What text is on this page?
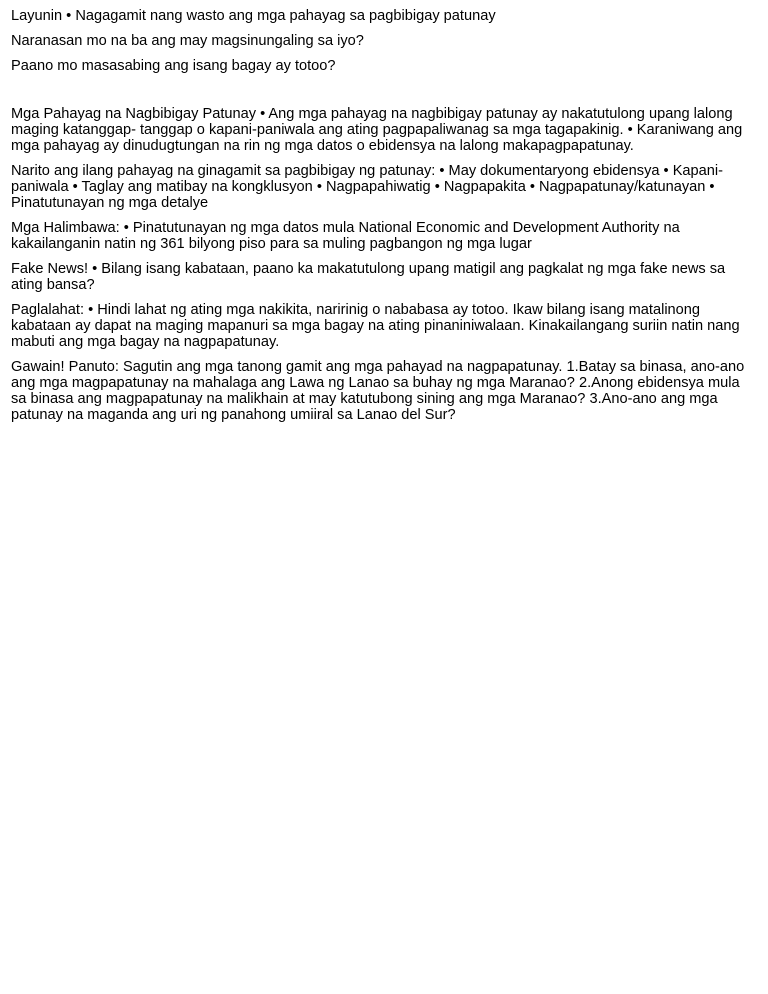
Layunin • Nagagamit nang wasto ang mga pahayag sa pagbibigay patunay

Naranasan mo na ba ang may magsinungaling sa iyo?

Paano mo masasabing ang isang bagay ay totoo?

Mga Pahayag na Nagbibigay Patunay • Ang mga pahayag na nagbibigay patunay ay nakatutulong upang lalong maging katanggap- tanggap o kapani-paniwala ang ating pagpapaliwanag sa mga tagapakinig. • Karaniwang ang mga pahayag ay dinudugtungan na rin ng mga datos o ebidensya na lalong makapagpapatunay.

Narito ang ilang pahayag na ginagamit sa pagbibigay ng patunay: • May dokumentaryong ebidensya • Kapani-paniwala • Taglay ang matibay na kongklusyon • Nagpapahiwatig • Nagpapakita • Nagpapatunay/katunayan • Pinatutunayan ng mga detalye

Mga Halimbawa: • Pinatutunayan ng mga datos mula National Economic and Development Authority na kakailanganin natin ng 361 bilyong piso para sa muling pagbangon ng mga lugar

Fake News! • Bilang isang kabataan, paano ka makatutulong upang matigil ang pagkalat ng mga fake news sa ating bansa?

Paglalahat: • Hindi lahat ng ating mga nakikita, naririnig o nababasa ay totoo. Ikaw bilang isang matalinong kabataan ay dapat na maging mapanuri sa mga bagay na ating pinaniniwalaan. Kinakailangang suriin natin nang mabuti ang mga bagay na nagpapatunay.

Gawain! Panuto: Sagutin ang mga tanong gamit ang mga pahayad na nagpapatunay. 1.Batay sa binasa, ano-ano ang mga magpapatunay na mahalaga ang Lawa ng Lanao sa buhay ng mga Maranao? 2.Anong ebidensya mula sa binasa ang magpapatunay na malikhain at may katutubong sining ang mga Maranao? 3.Ano-ano ang mga patunay na maganda ang uri ng panahong umiiral sa Lanao del Sur?
